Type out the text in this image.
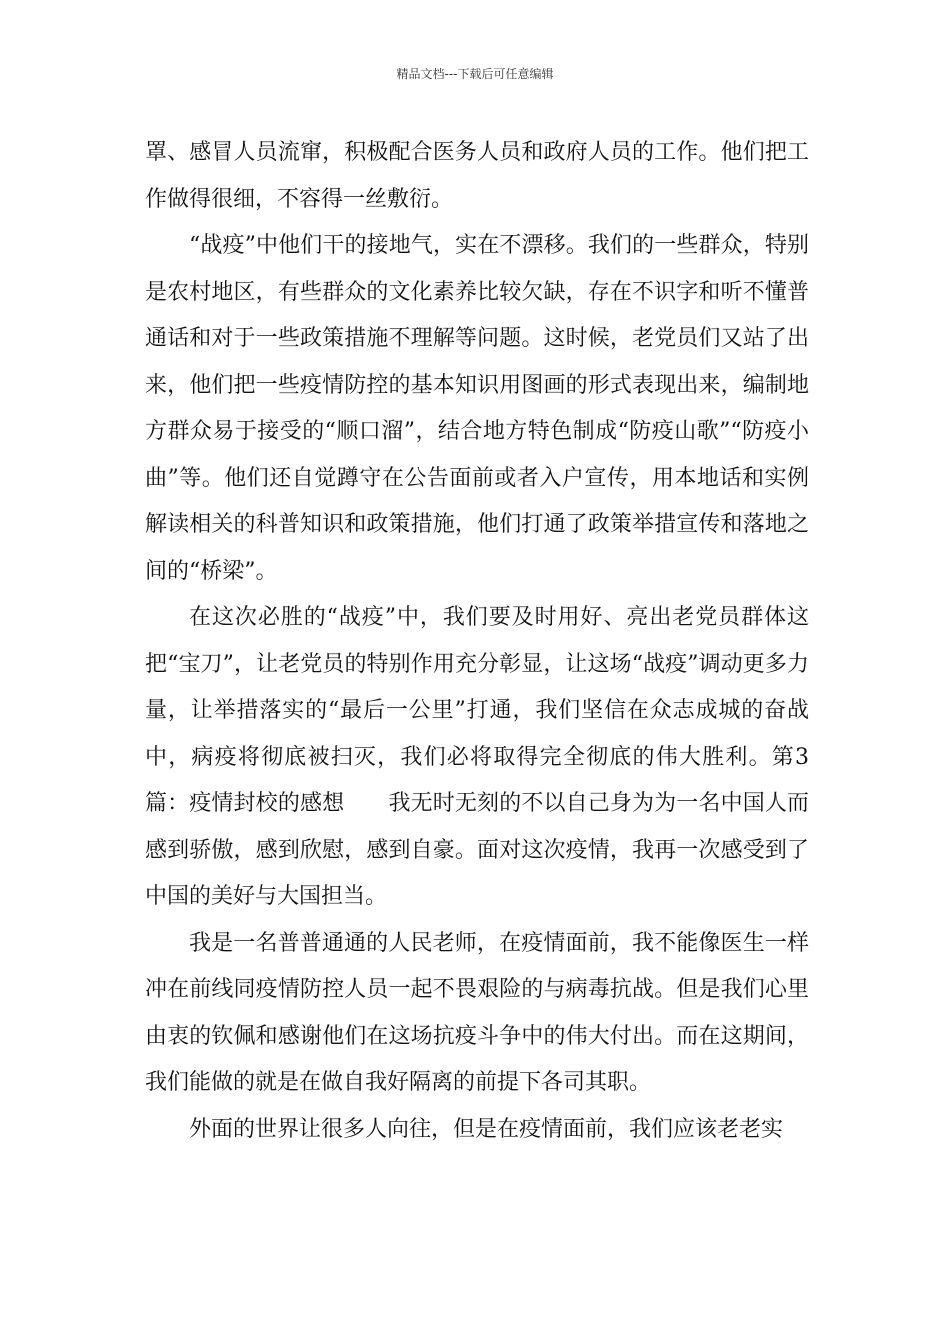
精品文档---下载后可任意编辑

罩、感冒人员流窜，积极配合医务人员和政府人员的工作。他们把工作做得很细，不容得一丝敷衍。

“战疫”中他们干的接地气，实在不漂移。我们的一些群众，特别是农村地区，有些群众的文化素养比较欠缺，存在不识字和听不懂普通话和对于一些政策措施不理解等问题。这时候，老党员们又站了出来，他们把一些疫情防控的基本知识用图画的形式表现出来，编制地方群众易于接受的“顺口溜”，结合地方特色制成“防疫山歌”“防疫小曲”等。他们还自觉蹲守在公告面前或者入户宣传，用本地话和实例解读相关的科普知识和政策措施，他们打通了政策举措宣传和落地之间的“桥梁”。

在这次必胜的“战疫”中，我们要及时用好、亮出老党员群体这把“宝刀”，让老党员的特别作用充分彰显，让这场“战疫”调动更多力量，让举措落实的“最后一公里”打通，我们坚信在众志成城的奋战中，病疫将彻底被扫灭，我们必将取得完全彻底的伟大胜利。第3篇：疫情封校的感想　　我无时无刻的不以自己身为为一名中国人而感到骄傲，感到欣慰，感到自豪。面对这次疫情，我再一次感受到了中国的美好与大国担当。

我是一名普普通通的人民老师，在疫情面前，我不能像医生一样冲在前线同疫情防控人员一起不畏艰险的与病毒抗战。但是我们心里由衷的钦佩和感谢他们在这场抗疫斗争中的伟大付出。而在这期间，我们能做的就是在做自我好隔离的前提下各司其职。

外面的世界让很多人向往，但是在疫情面前，我们应该老老实
